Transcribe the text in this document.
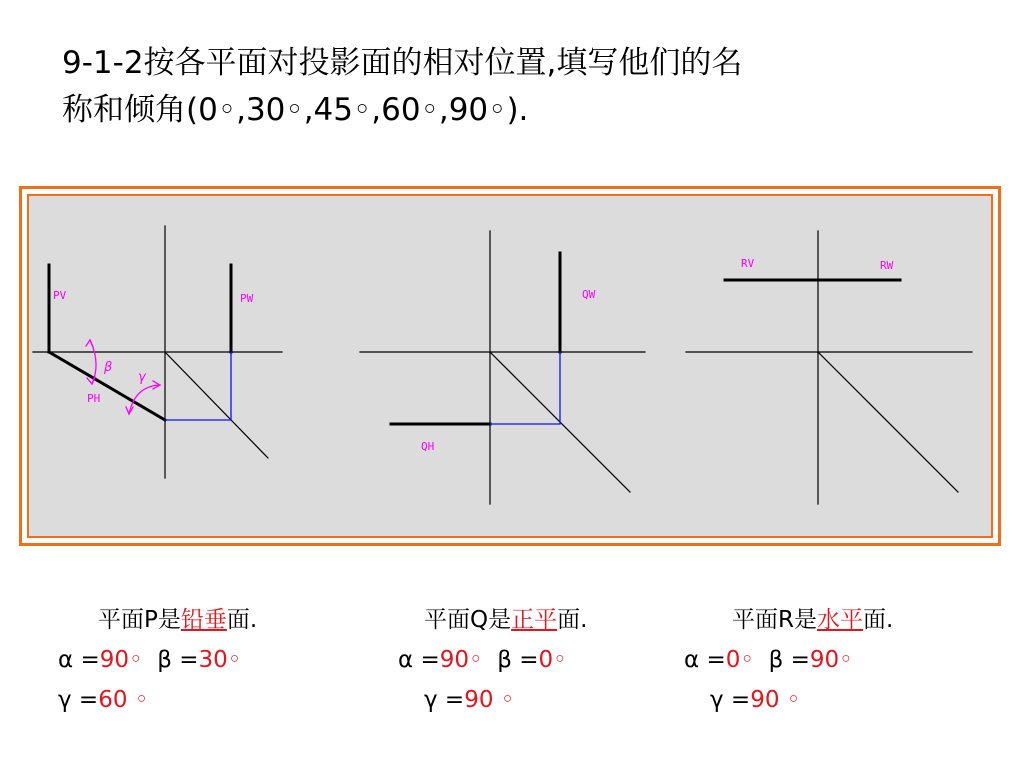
9-1-2按各平面对投影面的相对位置,填写他们的名
称和倾角(0◦,30◦,45◦,60◦,90◦).
PV	PW
PH
β
γ
QW
QH
RV	RW
平面P是铅垂面.
α =90◦ β =30◦
γ =60 ◦
平面Q是正平面.
α =90◦ β =0◦
γ =90 ◦
平面R是水平面.
α =0◦ β =90◦
γ =90 ◦
